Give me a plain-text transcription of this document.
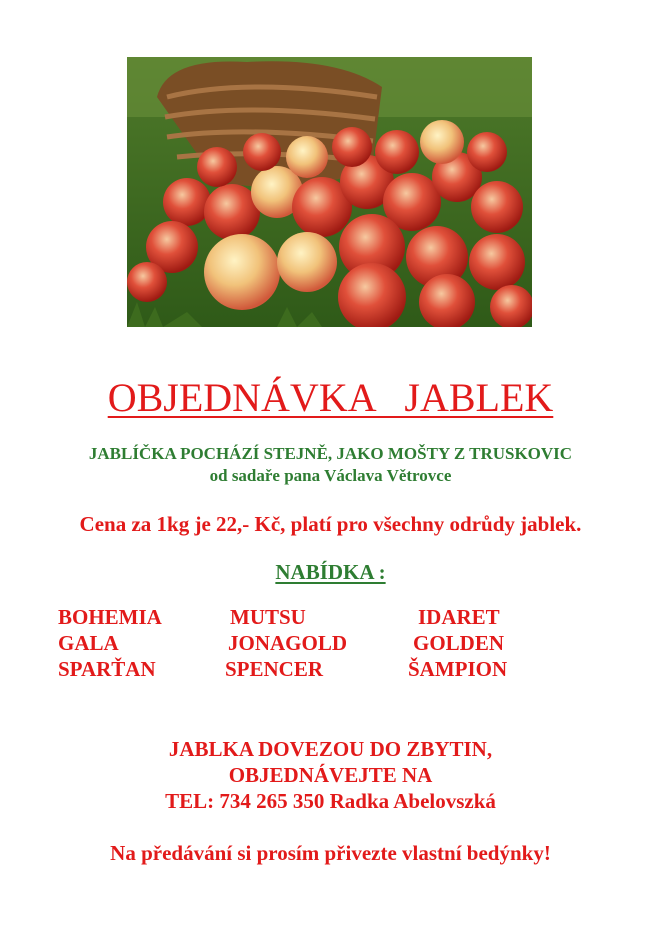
OBJEDNÁVKA   JABLEK
JABLÍČKA POCHÁZÍ STEJNĚ, JAKO MOŠTY Z TRUSKOVIC
od sadaře pana Václava Větrovce
Cena za 1kg je 22,- Kč, platí pro všechny odrůdy jablek.
NABÍDKA :
BOHEMIA	MUTSU	IDARET
GALA	JONAGOLD	GOLDEN
SPARŤAN	SPENCER	ŠAMPION
JABLKA DOVEZOU DO ZBYTIN,
OBJEDNÁVEJTE NA
TEL: 734 265 350 Radka Abelovszká
Na předávání si prosím přivezte vlastní bedýnky!
